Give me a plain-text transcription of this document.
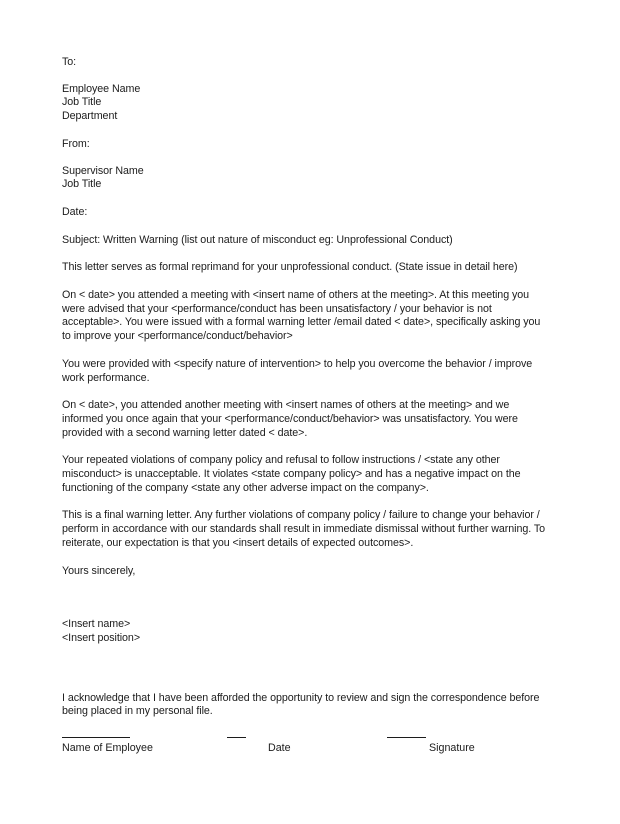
To:
Employee Name
Job Title
Department
From:
Supervisor Name
Job Title
Date:
Subject: Written Warning (list out nature of misconduct eg: Unprofessional Conduct)
This letter serves as formal reprimand for your unprofessional conduct. (State issue in detail here)
On < date> you attended a meeting with <insert name of others at the meeting>. At this meeting you were advised that your <performance/conduct has been unsatisfactory / your behavior is not acceptable>. You were issued with a formal warning letter /email dated < date>, specifically asking you to improve your <performance/conduct/behavior>
You were provided with <specify nature of intervention> to help you overcome the behavior / improve work performance.
On < date>, you attended another meeting with <insert names of others at the meeting> and we informed you once again that your <performance/conduct/behavior> was unsatisfactory. You were provided with a second warning letter dated < date>.
Your repeated violations of company policy and refusal to follow instructions / <state any other misconduct> is unacceptable. It violates <state company policy> and has a negative impact on the functioning of the company <state any other adverse impact on the company>.
This is a final warning letter. Any further violations of company policy / failure to change your behavior / perform in accordance with our standards shall result in immediate dismissal without further warning. To reiterate, our expectation is that you <insert details of expected outcomes>.
Yours sincerely,
<Insert name>
<Insert position>
I acknowledge that I have been afforded the opportunity to review and sign the correspondence before being placed in my personal file.
Name of Employee	Date	Signature
